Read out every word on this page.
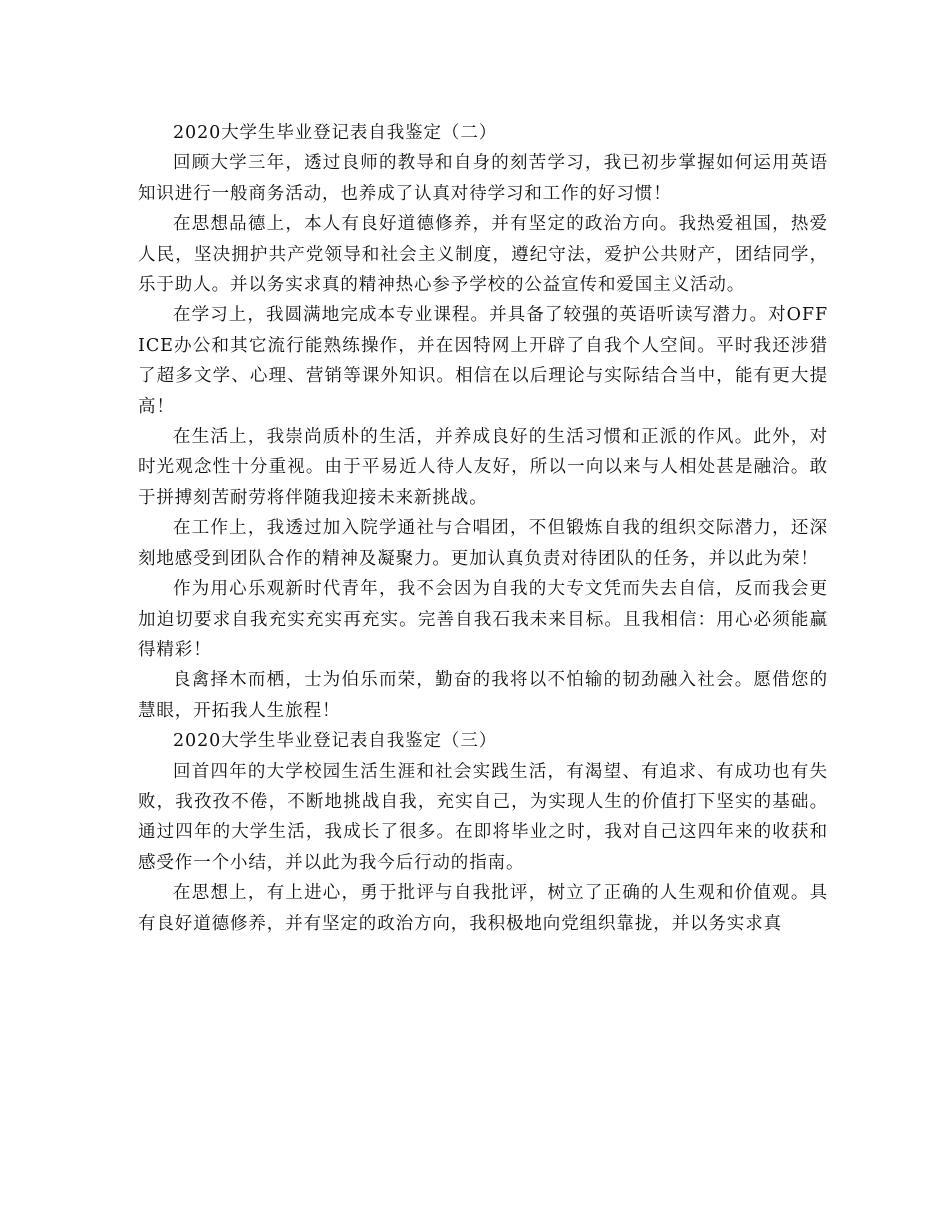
2020大学生毕业登记表自我鉴定（二）

回顾大学三年，透过良师的教导和自身的刻苦学习，我已初步掌握如何运用英语知识进行一般商务活动，也养成了认真对待学习和工作的好习惯！

在思想品德上，本人有良好道德修养，并有坚定的政治方向。我热爱祖国，热爱人民，坚决拥护共产党领导和社会主义制度，遵纪守法，爱护公共财产，团结同学，乐于助人。并以务实求真的精神热心参予学校的公益宣传和爱国主义活动。

在学习上，我圆满地完成本专业课程。并具备了较强的英语听读写潜力。对OFFICE办公和其它流行能熟练操作，并在因特网上开辟了自我个人空间。平时我还涉猎了超多文学、心理、营销等课外知识。相信在以后理论与实际结合当中，能有更大提高！

在生活上，我崇尚质朴的生活，并养成良好的生活习惯和正派的作风。此外，对时光观念性十分重视。由于平易近人待人友好，所以一向以来与人相处甚是融洽。敢于拼搏刻苦耐劳将伴随我迎接未来新挑战。

在工作上，我透过加入院学通社与合唱团，不但锻炼自我的组织交际潜力，还深刻地感受到团队合作的精神及凝聚力。更加认真负责对待团队的任务，并以此为荣！

作为用心乐观新时代青年，我不会因为自我的大专文凭而失去自信，反而我会更加迫切要求自我充实充实再充实。完善自我石我未来目标。且我相信：用心必须能赢得精彩！

良禽择木而栖，士为伯乐而荣，勤奋的我将以不怕输的韧劲融入社会。愿借您的慧眼，开拓我人生旅程！

2020大学生毕业登记表自我鉴定（三）

回首四年的大学校园生活生涯和社会实践生活，有渴望、有追求、有成功也有失败，我孜孜不倦，不断地挑战自我，充实自己，为实现人生的价值打下坚实的基础。通过四年的大学生活，我成长了很多。在即将毕业之时，我对自己这四年来的收获和感受作一个小结，并以此为我今后行动的指南。

在思想上，有上进心，勇于批评与自我批评，树立了正确的人生观和价值观。具有良好道德修养，并有坚定的政治方向，我积极地向党组织靠拢，并以务实求真
